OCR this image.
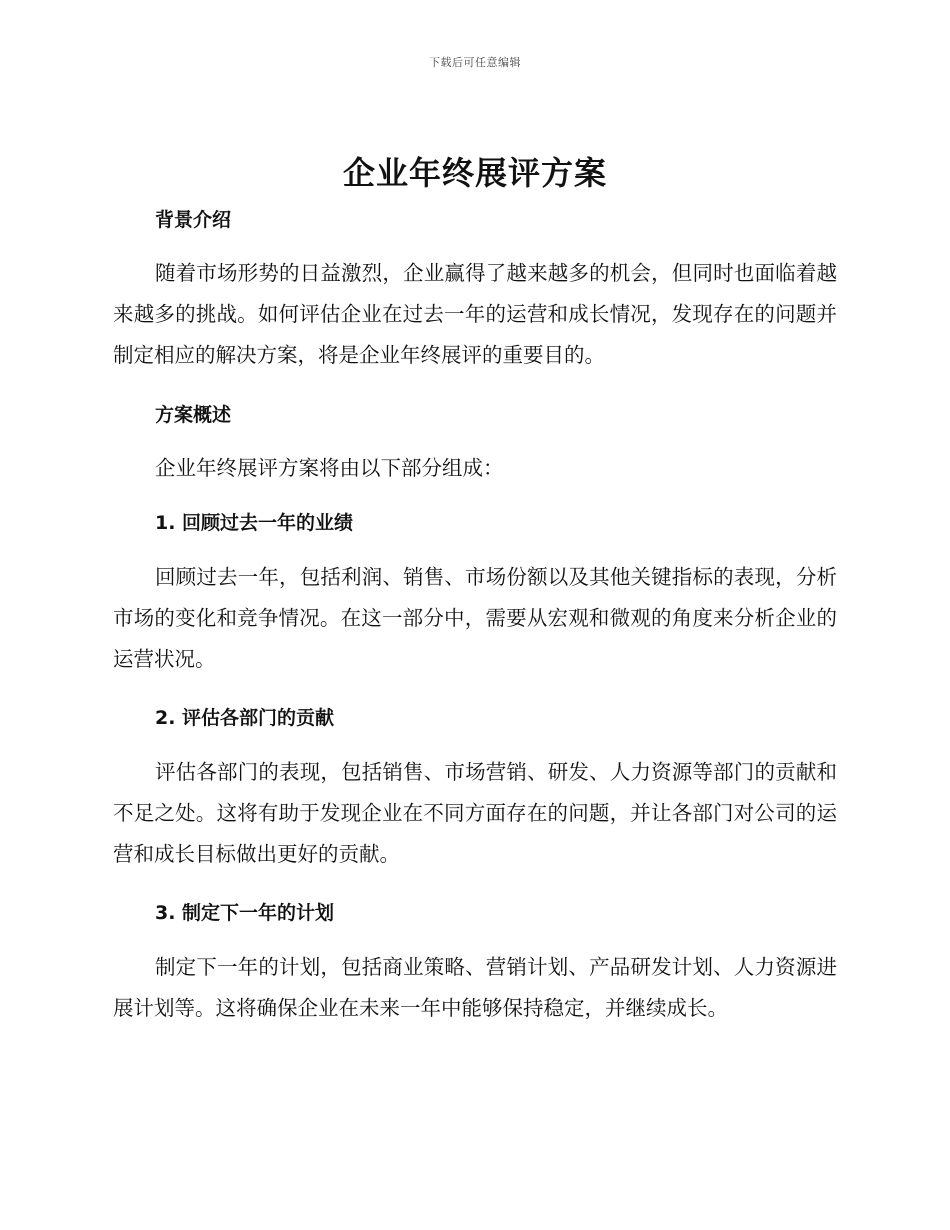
下载后可任意编辑
企业年终展评方案
背景介绍

随着市场形势的日益激烈，企业赢得了越来越多的机会，但同时也面临着越来越多的挑战。如何评估企业在过去一年的运营和成长情况，发现存在的问题并制定相应的解决方案，将是企业年终展评的重要目的。

方案概述

企业年终展评方案将由以下部分组成：

1. 回顾过去一年的业绩

回顾过去一年，包括利润、销售、市场份额以及其他关键指标的表现，分析市场的变化和竞争情况。在这一部分中，需要从宏观和微观的角度来分析企业的运营状况。

2. 评估各部门的贡献

评估各部门的表现，包括销售、市场营销、研发、人力资源等部门的贡献和不足之处。这将有助于发现企业在不同方面存在的问题，并让各部门对公司的运营和成长目标做出更好的贡献。

3. 制定下一年的计划

制定下一年的计划，包括商业策略、营销计划、产品研发计划、人力资源进展计划等。这将确保企业在未来一年中能够保持稳定，并继续成长。
